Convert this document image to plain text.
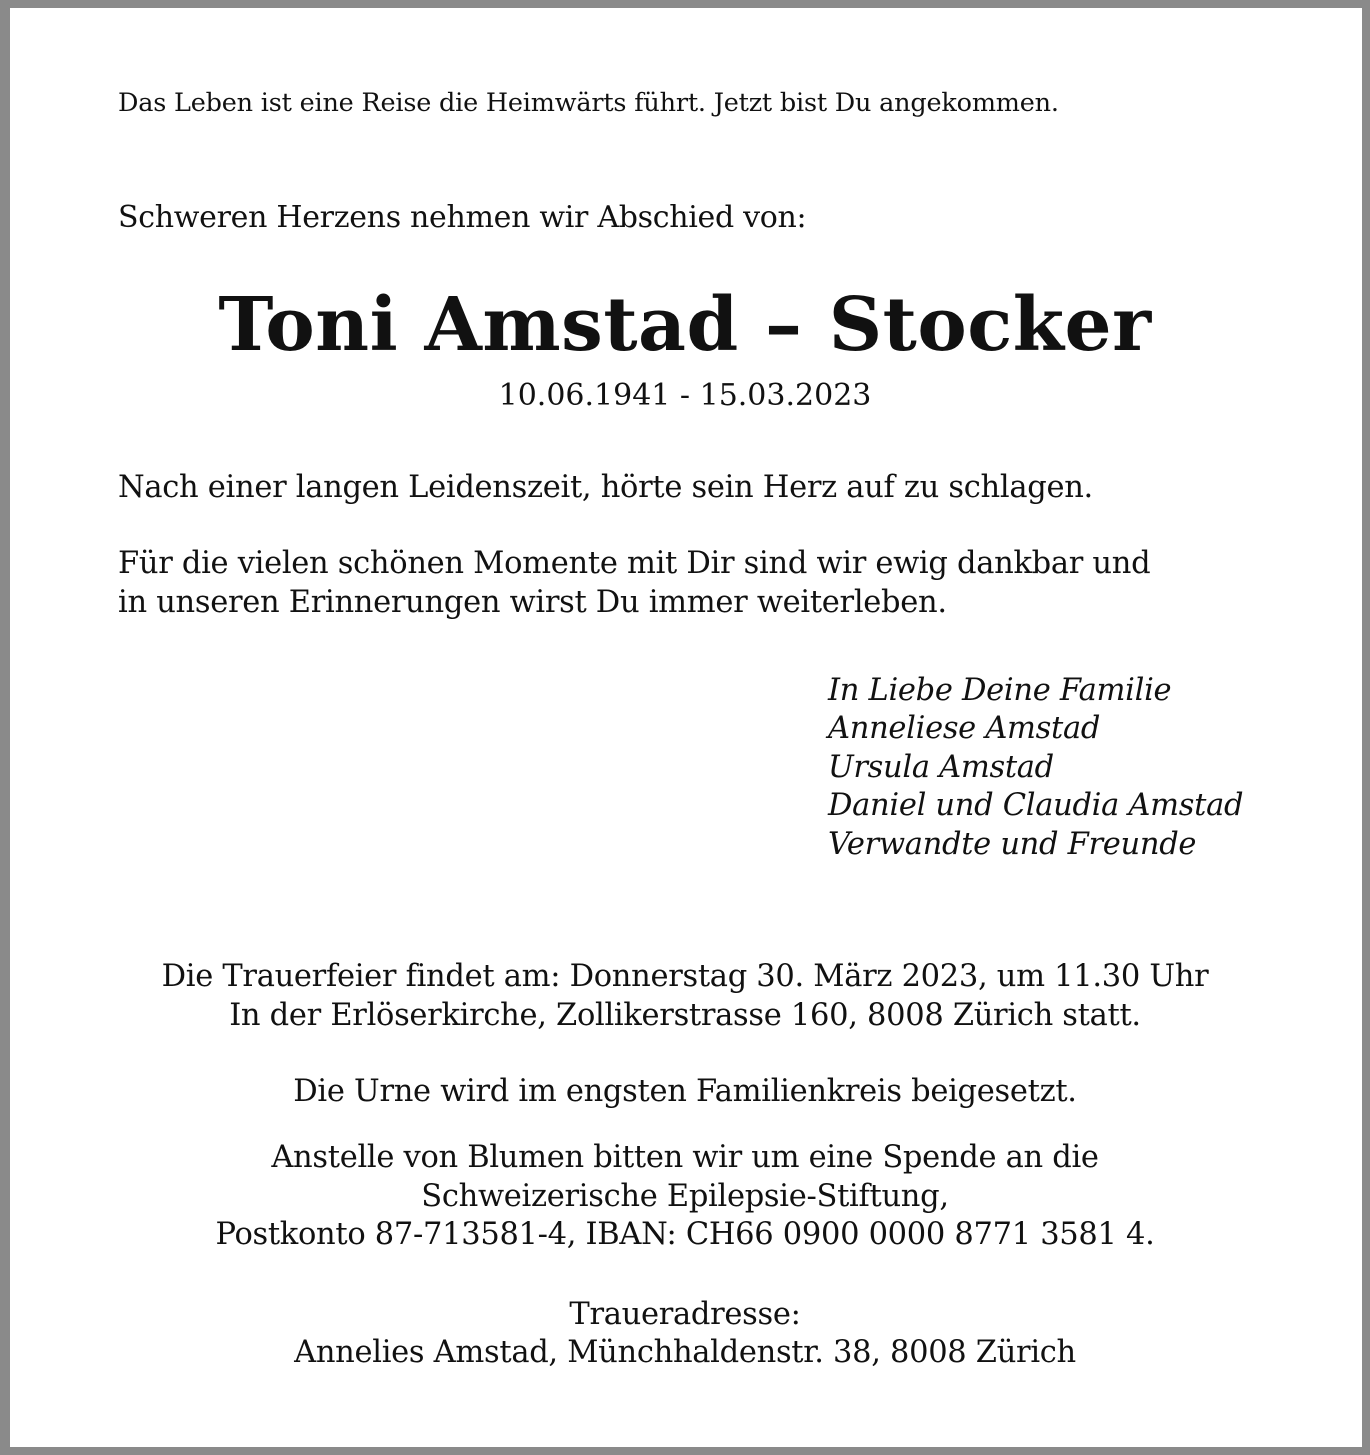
Das Leben ist eine Reise die Heimwärts führt. Jetzt bist Du angekommen.

Schweren Herzens nehmen wir Abschied von:

Toni Amstad – Stocker

10.06.1941 - 15.03.2023

Nach einer langen Leidenszeit, hörte sein Herz auf zu schlagen.

Für die vielen schönen Momente mit Dir sind wir ewig dankbar und

in unseren Erinnerungen wirst Du immer weiterleben.

In Liebe Deine Familie

Anneliese Amstad

Ursula Amstad

Daniel und Claudia Amstad

Verwandte und Freunde

Die Trauerfeier findet am: Donnerstag 30. März 2023, um 11.30 Uhr

In der Erlöserkirche, Zollikerstrasse 160, 8008 Zürich statt.

Die Urne wird im engsten Familienkreis beigesetzt.

Anstelle von Blumen bitten wir um eine Spende an die

Schweizerische Epilepsie-Stiftung,

Postkonto 87-713581-4, IBAN: CH66 0900 0000 8771 3581 4.

Traueradresse:

Annelies Amstad, Münchhaldenstr. 38, 8008 Zürich
